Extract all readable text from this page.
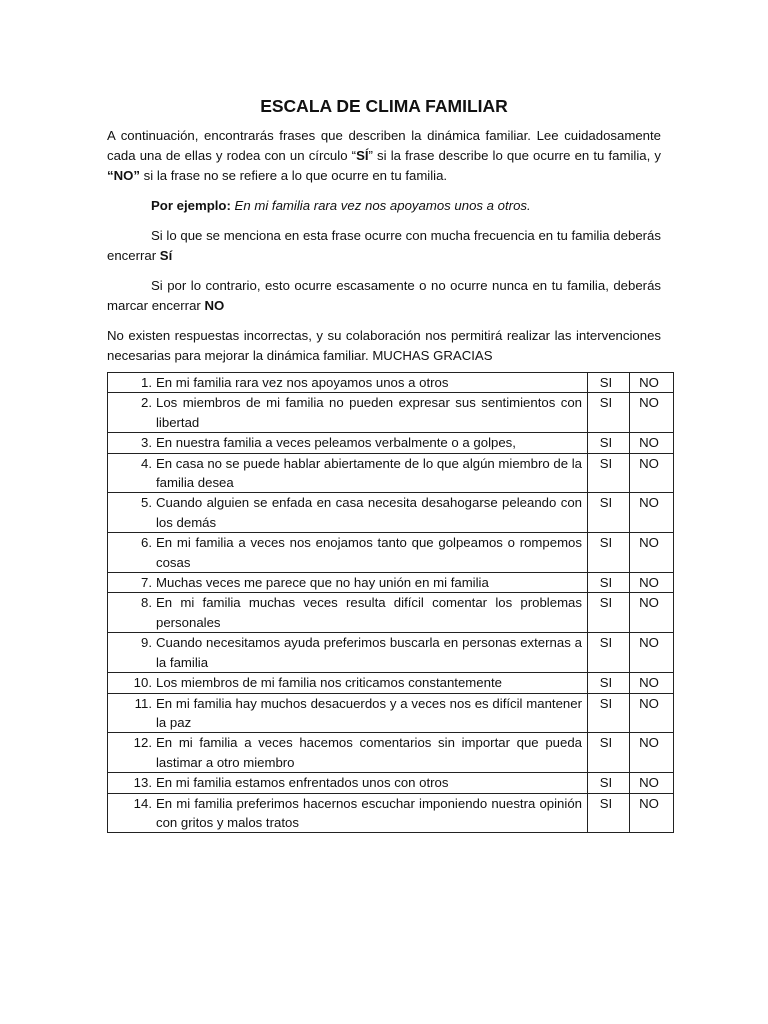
ESCALA DE CLIMA FAMILIAR

A continuación, encontrarás frases que describen la dinámica familiar. Lee cuidadosamente cada una de ellas y rodea con un círculo “SÍ” si la frase describe lo que ocurre en tu familia, y “NO” si la frase no se refiere a lo que ocurre en tu familia.

Por ejemplo: En mi familia rara vez nos apoyamos unos a otros.

Si lo que se menciona en esta frase ocurre con mucha frecuencia en tu familia deberás encerrar Sí

Si por lo contrario, esto ocurre escasamente o no ocurre nunca en tu familia, deberás marcar encerrar NO

No existen respuestas incorrectas, y su colaboración nos permitirá realizar las intervenciones necesarias para mejorar la dinámica familiar. MUCHAS GRACIAS

1. En mi familia rara vez nos apoyamos unos a otros	SI	NO

2. Los miembros de mi familia no pueden expresar sus sentimientos con libertad	SI	NO

3. En nuestra familia a veces peleamos verbalmente o a golpes,	SI	NO

4. En casa no se puede hablar abiertamente de lo que algún miembro de la familia desea	SI	NO

5. Cuando alguien se enfada en casa necesita desahogarse peleando con los demás	SI	NO

6. En mi familia a veces nos enojamos tanto que golpeamos o rompemos cosas	SI	NO

7. Muchas veces me parece que no hay unión en mi familia	SI	NO

8. En mi familia muchas veces resulta difícil comentar los problemas personales	SI	NO

9. Cuando necesitamos ayuda preferimos buscarla en personas externas a la familia	SI	NO

10. Los miembros de mi familia nos criticamos constantemente	SI	NO

11. En mi familia hay muchos desacuerdos y a veces nos es difícil mantener la paz	SI	NO

12. En mi familia a veces hacemos comentarios sin importar que pueda lastimar a otro miembro	SI	NO

13. En mi familia estamos enfrentados unos con otros	SI	NO

14. En mi familia preferimos hacernos escuchar imponiendo nuestra opinión con gritos y malos tratos	SI	NO
